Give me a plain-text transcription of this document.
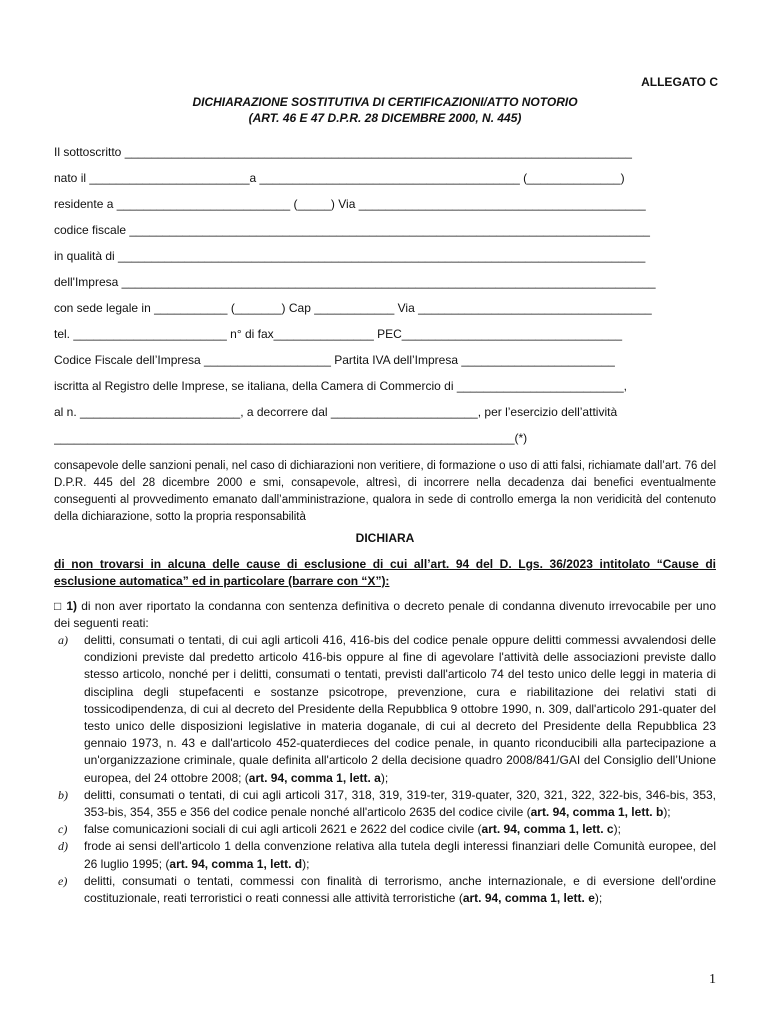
ALLEGATO C
DICHIARAZIONE SOSTITUTIVA DI CERTIFICAZIONI/ATTO NOTORIO
(ART. 46 E 47 D.P.R. 28 DICEMBRE 2000, N. 445)
Il sottoscritto ____________________________________________________________________________
nato il ________________________a _______________________________________ (______________)
residente a __________________________ (_____) Via ___________________________________________
codice fiscale ______________________________________________________________________________
in qualità di _______________________________________________________________________________
dell'Impresa ________________________________________________________________________________
con sede legale in ___________ (_______) Cap ____________ Via ___________________________________
tel. _______________________ n° di fax_______________ PEC_________________________________
Codice Fiscale dell’Impresa ___________________ Partita IVA dell’Impresa _______________________
iscritta al Registro delle Imprese, se italiana, della Camera di Commercio di _________________________,
al n. ________________________, a decorrere dal ______________________, per l’esercizio dell’attività
_____________________________________________________________________(*)
consapevole delle sanzioni penali, nel caso di dichiarazioni non veritiere, di formazione o uso di atti falsi, richiamate dall’art. 76 del D.P.R. 445 del 28 dicembre 2000 e smi, consapevole, altresì, di incorrere nella decadenza dai benefici eventualmente conseguenti al provvedimento emanato dall’amministrazione, qualora in sede di controllo emerga la non veridicità del contenuto della dichiarazione, sotto la propria responsabilità
DICHIARA
di non trovarsi in alcuna delle cause di esclusione di cui all’art. 94 del D. Lgs. 36/2023 intitolato “Cause di esclusione automatica” ed in particolare (barrare con “X”):
□ 1) di non aver riportato la condanna con sentenza definitiva o decreto penale di condanna divenuto irrevocabile per uno dei seguenti reati:
a) delitti, consumati o tentati, di cui agli articoli 416, 416-bis del codice penale oppure delitti commessi avvalendosi delle condizioni previste dal predetto articolo 416-bis oppure al fine di agevolare l'attività delle associazioni previste dallo stesso articolo, nonché per i delitti, consumati o tentati, previsti dall'articolo 74 del testo unico delle leggi in materia di disciplina degli stupefacenti e sostanze psicotrope, prevenzione, cura e riabilitazione dei relativi stati di tossicodipendenza, di cui al decreto del Presidente della Repubblica 9 ottobre 1990, n. 309, dall'articolo 291-quater del testo unico delle disposizioni legislative in materia doganale, di cui al decreto del Presidente della Repubblica 23 gennaio 1973, n. 43 e dall'articolo 452-quaterdieces del codice penale, in quanto riconducibili alla partecipazione a un'organizzazione criminale, quale definita all'articolo 2 della decisione quadro 2008/841/GAI del Consiglio dell’Unione europea, del 24 ottobre 2008; (art. 94, comma 1, lett. a);
b) delitti, consumati o tentati, di cui agli articoli 317, 318, 319, 319-ter, 319-quater, 320, 321, 322, 322-bis, 346-bis, 353, 353-bis, 354, 355 e 356 del codice penale nonché all'articolo 2635 del codice civile (art. 94, comma 1, lett. b);
c) false comunicazioni sociali di cui agli articoli 2621 e 2622 del codice civile (art. 94, comma 1, lett. c);
d) frode ai sensi dell'articolo 1 della convenzione relativa alla tutela degli interessi finanziari delle Comunità europee, del 26 luglio 1995; (art. 94, comma 1, lett. d);
e) delitti, consumati o tentati, commessi con finalità di terrorismo, anche internazionale, e di eversione dell'ordine costituzionale, reati terroristici o reati connessi alle attività terroristiche (art. 94, comma 1, lett. e);
1
